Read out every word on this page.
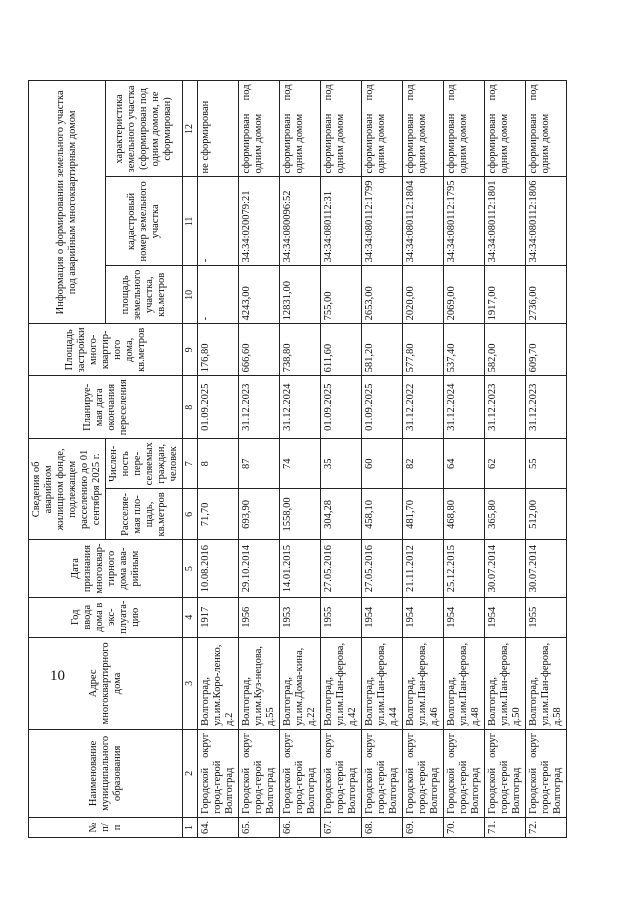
10
№ п/п	Наименование муниципального образования	Адрес многоквартирного дома	Год ввода дома в экс-плуата-цию	Дата признания многоквар-тирного дома ава-рийным	Сведения об аварийном жилищном фонде, подлежащем расселению до 01 сентября 2025 г.		Планируе-мая дата окончания переселения	Площадь застройки много-квартир-ного дома, кв.метров	Информация о формировании земельного участка под аварийным многоквартирным домом		
					Расселяе-мая пло-щадь, кв.метров	Числен-ность пере-селяемых граждан, человек			площадь земельного участка, кв.метров	кадастровый номер земельного участка	характеристика земельного участка (сформирован под одним домом, не сформирован)
1	2	3	4	5	6	7	8	9	10	11	12
64.	Городской округ город-герой Волгоград	Волгоград, ул.им.Коро-ленко, д.2	1917	10.08.2016	71,70	8	01.09.2025	176,80	-	-	не сформирован
65.	Городской округ город-герой Волгоград	Волгоград, ул.им.Куз-нецова, д.55	1956	29.10.2014	693,90	87	31.12.2023	666,60	4243,00	34:34:020079:21	сформирован под одним домом
66.	Городской округ город-герой Волгоград	Волгоград, ул.им.Дома-кина, д.22	1953	14.01.2015	1558,00	74	31.12.2024	738,80	12831,00	34:34:080096:52	сформирован под одним домом
67.	Городской округ город-герой Волгоград	Волгоград, ул.им.Пан-ферова, д.42	1955	27.05.2016	304,28	35	01.09.2025	611,60	755,00	34:34:080112:31	сформирован под одним домом
68.	Городской округ город-герой Волгоград	Волгоград, ул.им.Пан-ферова, д.44	1954	27.05.2016	458,10	60	01.09.2025	581,20	2653,00	34:34:080112:1799	сформирован под одним домом
69.	Городской округ город-герой Волгоград	Волгоград, ул.им.Пан-ферова, д.46	1954	21.11.2012	481,70	82	31.12.2022	577,80	2020,00	34:34:080112:1804	сформирован под одним домом
70.	Городской округ город-герой Волгоград	Волгоград, ул.им.Пан-ферова, д.48	1954	25.12.2015	468,80	64	31.12.2024	537,40	2069,00	34:34:080112:1795	сформирован под одним домом
71.	Городской округ город-герой Волгоград	Волгоград, ул.им.Пан-ферова, д.50	1954	30.07.2014	365,80	62	31.12.2023	582,00	1917,00	34:34:080112:1801	сформирован под одним домом
72.	Городской округ город-герой Волгоград	Волгоград, ул.им.Пан-ферова, д.58	1955	30.07.2014	512,00	55	31.12.2023	609,70	2736,00	34:34:080112:1806	сформирован под одним домом
